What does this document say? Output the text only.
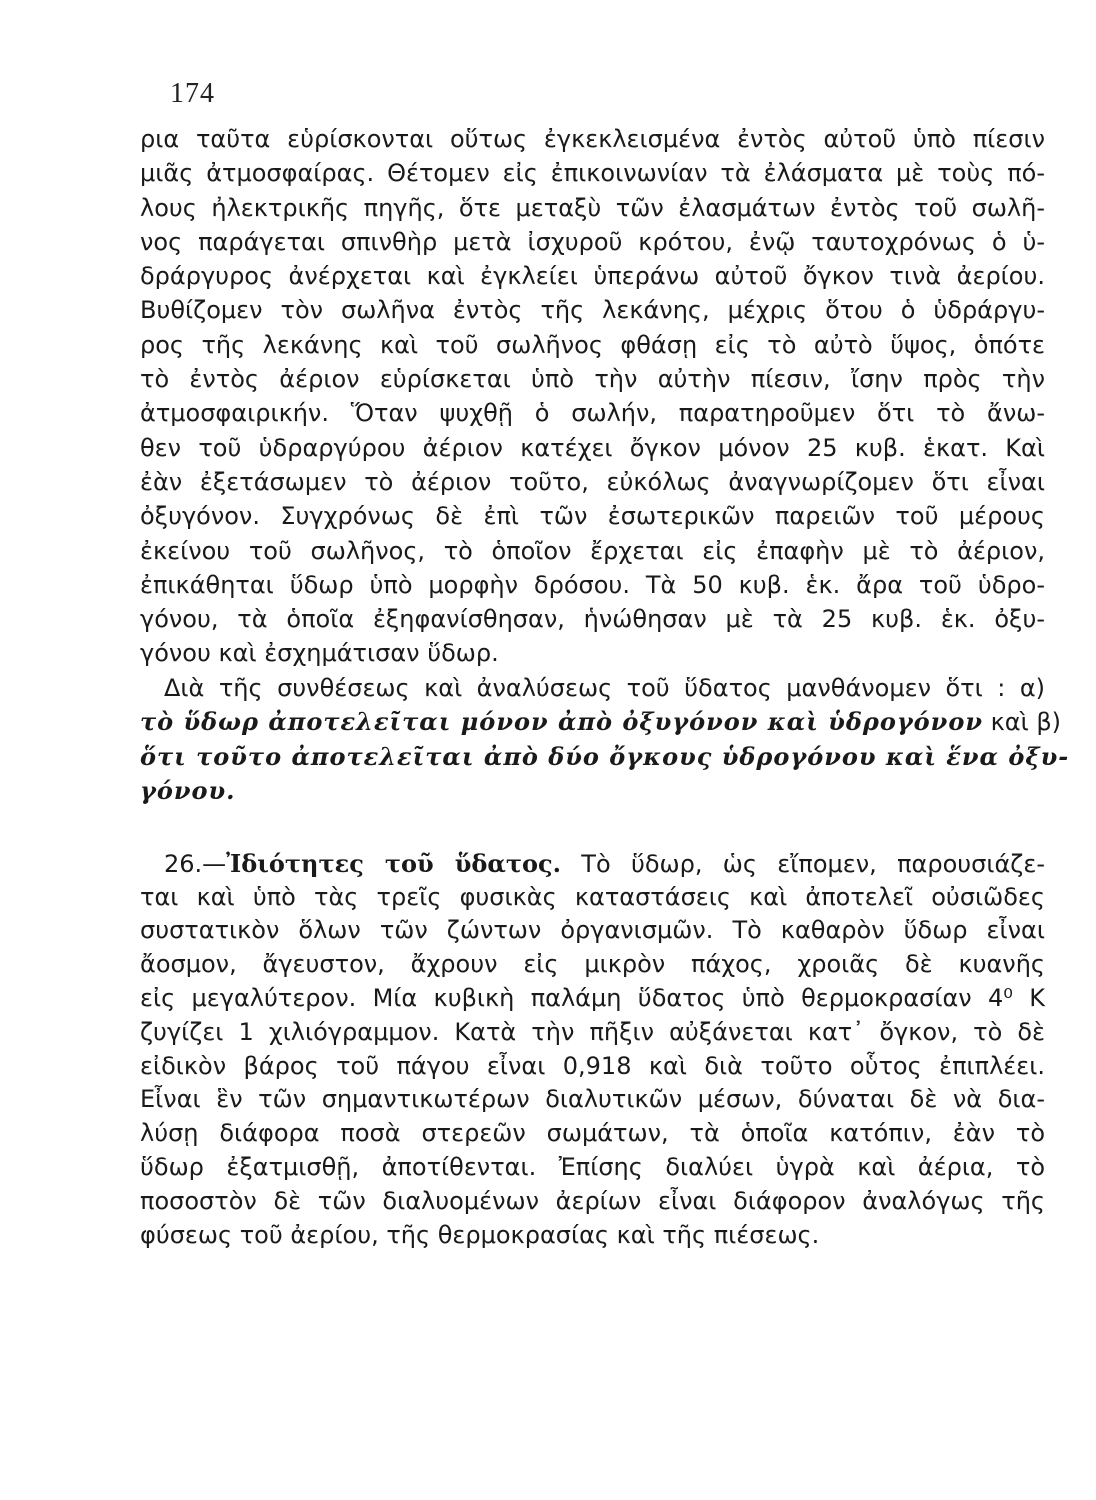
174
ρια ταῦτα εὑρίσκονται οὕτως ἐγκεκλεισμένα ἐντὸς αὐτοῦ ὑπὸ πίεσιν
μιᾶς ἀτμοσφαίρας. Θέτομεν εἰς ἐπικοινωνίαν τὰ ἐλάσματα μὲ τοὺς πό-
λους ἠλεκτρικῆς πηγῆς, ὅτε μεταξὺ τῶν ἐλασμάτων ἐντὸς τοῦ σωλῆ-
νος παράγεται σπινθὴρ μετὰ ἰσχυροῦ κρότου, ἐνῷ ταυτοχρόνως ὁ ὑ-
δράργυρος ἀνέρχεται καὶ ἐγκλείει ὑπεράνω αὐτοῦ ὄγκον τινὰ ἀερίου.
Βυθίζομεν τὸν σωλῆνα ἐντὸς τῆς λεκάνης, μέχρις ὅτου ὁ ὑδράργυ-
ρος τῆς λεκάνης καὶ τοῦ σωλῆνος φθάσῃ εἰς τὸ αὐτὸ ὕψος, ὁπότε
τὸ ἐντὸς ἀέριον εὑρίσκεται ὑπὸ τὴν αὐτὴν πίεσιν, ἴσην πρὸς τὴν
ἀτμοσφαιρικήν. Ὅταν ψυχθῇ ὁ σωλήν, παρατηροῦμεν ὅτι τὸ ἄνω-
θεν τοῦ ὑδραργύρου ἀέριον κατέχει ὄγκον μόνον 25 κυβ. ἑκατ. Καὶ
ἐὰν ἐξετάσωμεν τὸ ἀέριον τοῦτο, εὐκόλως ἀναγνωρίζομεν ὅτι εἶναι
ὀξυγόνον. Συγχρόνως δὲ ἐπὶ τῶν ἐσωτερικῶν παρειῶν τοῦ μέρους
ἐκείνου τοῦ σωλῆνος, τὸ ὁποῖον ἔρχεται εἰς ἐπαφὴν μὲ τὸ ἀέριον,
ἐπικάθηται ὕδωρ ὑπὸ μορφὴν δρόσου. Τὰ 50 κυβ. ἑκ. ἄρα τοῦ ὑδρο-
γόνου, τὰ ὁποῖα ἐξηφανίσθησαν, ἡνώθησαν μὲ τὰ 25 κυβ. ἑκ. ὀξυ-
γόνου καὶ ἐσχημάτισαν ὕδωρ.
Διὰ τῆς συνθέσεως καὶ ἀναλύσεως τοῦ ὕδατος μανθάνομεν ὅτι : α)
τὸ ὕδωρ ἀποτελεῖται μόνον ἀπὸ ὀξυγόνον καὶ ὑδρογόνον καὶ β)
ὅτι τοῦτο ἀποτελεῖται ἀπὸ δύο ὄγκους ὑδρογόνου καὶ ἕνα ὀξυ-
γόνου.
26.—Ἰδιότητες τοῦ ὕδατος. Τὸ ὕδωρ, ὡς εἴπομεν, παρουσιάζε-
ται καὶ ὑπὸ τὰς τρεῖς φυσικὰς καταστάσεις καὶ ἀποτελεῖ οὐσιῶδες
συστατικὸν ὅλων τῶν ζώντων ὀργανισμῶν. Τὸ καθαρὸν ὕδωρ εἶναι
ἄοσμον, ἄγευστον, ἄχρουν εἰς μικρὸν πάχος, χροιᾶς δὲ κυανῆς
εἰς μεγαλύτερον. Μία κυβικὴ παλάμη ὕδατος ὑπὸ θερμοκρασίαν 4⁰ Κ
ζυγίζει 1 χιλιόγραμμον. Κατὰ τὴν πῆξιν αὐξάνεται κατ᾽ ὄγκον, τὸ δὲ
εἰδικὸν βάρος τοῦ πάγου εἶναι 0,918 καὶ διὰ τοῦτο οὗτος ἐπιπλέει.
Εἶναι ἓν τῶν σημαντικωτέρων διαλυτικῶν μέσων, δύναται δὲ νὰ δια-
λύσῃ διάφορα ποσὰ στερεῶν σωμάτων, τὰ ὁποῖα κατόπιν, ἐὰν τὸ
ὕδωρ ἐξατμισθῇ, ἀποτίθενται. Ἐπίσης διαλύει ὑγρὰ καὶ ἀέρια, τὸ
ποσοστὸν δὲ τῶν διαλυομένων ἀερίων εἶναι διάφορον ἀναλόγως τῆς
φύσεως τοῦ ἀερίου, τῆς θερμοκρασίας καὶ τῆς πιέσεως.
